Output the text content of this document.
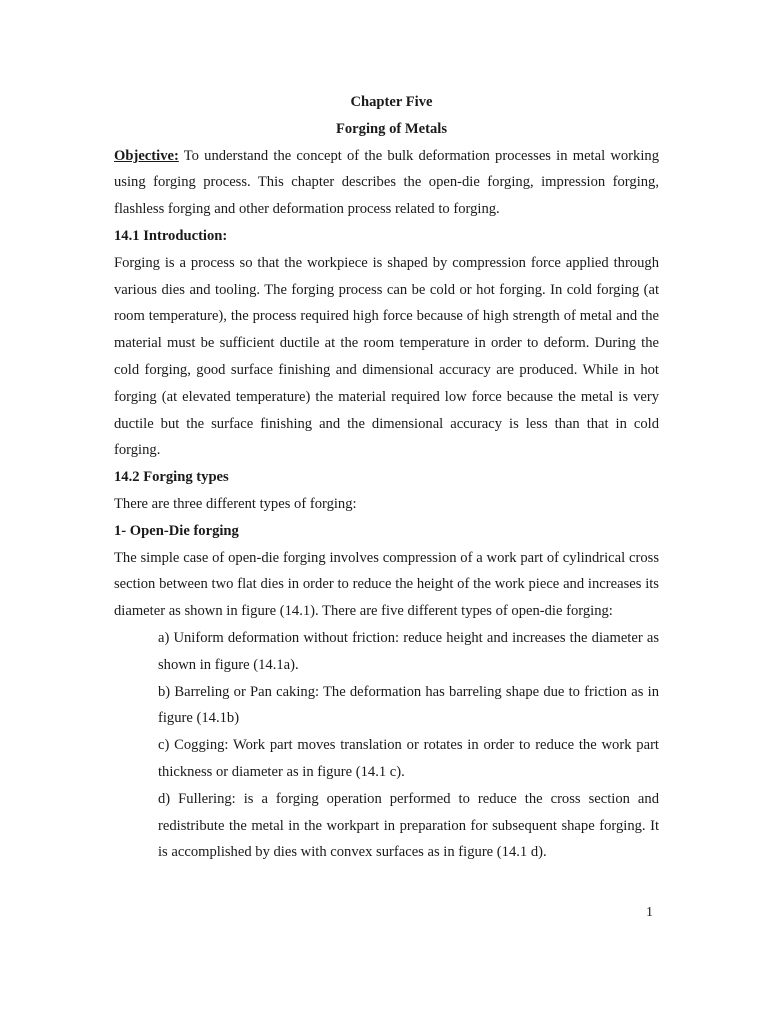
Chapter Five

Forging of Metals

Objective: To understand the concept of the bulk deformation processes in metal working using forging process. This chapter describes the open-die forging, impression forging, flashless forging and other deformation process related to forging.

14.1 Introduction:

Forging is a process so that the workpiece is shaped by compression force applied through various dies and tooling. The forging process can be cold or hot forging. In cold forging (at room temperature), the process required high force because of high strength of metal and the material must be sufficient ductile at the room temperature in order to deform. During the cold forging, good surface finishing and dimensional accuracy are produced. While in hot forging (at elevated temperature) the material required low force because the metal is very ductile but the surface finishing and the dimensional accuracy is less than that in cold forging.

14.2 Forging types

There are three different types of forging:

1- Open-Die forging

The simple case of open-die forging involves compression of a work part of cylindrical cross section between two flat dies in order to reduce the height of the work piece and increases its diameter as shown in figure (14.1). There are five different types of open-die forging:

a) Uniform deformation without friction: reduce height and increases the diameter as shown in figure (14.1a).

b) Barreling or Pan caking: The deformation has barreling shape due to friction as in figure (14.1b)

c) Cogging: Work part moves translation or rotates in order to reduce the work part thickness or diameter as in figure (14.1 c).

d) Fullering: is a forging operation performed to reduce the cross section and redistribute the metal in the workpart in preparation for subsequent shape forging. It is accomplished by dies with convex surfaces as in figure (14.1 d).

1
